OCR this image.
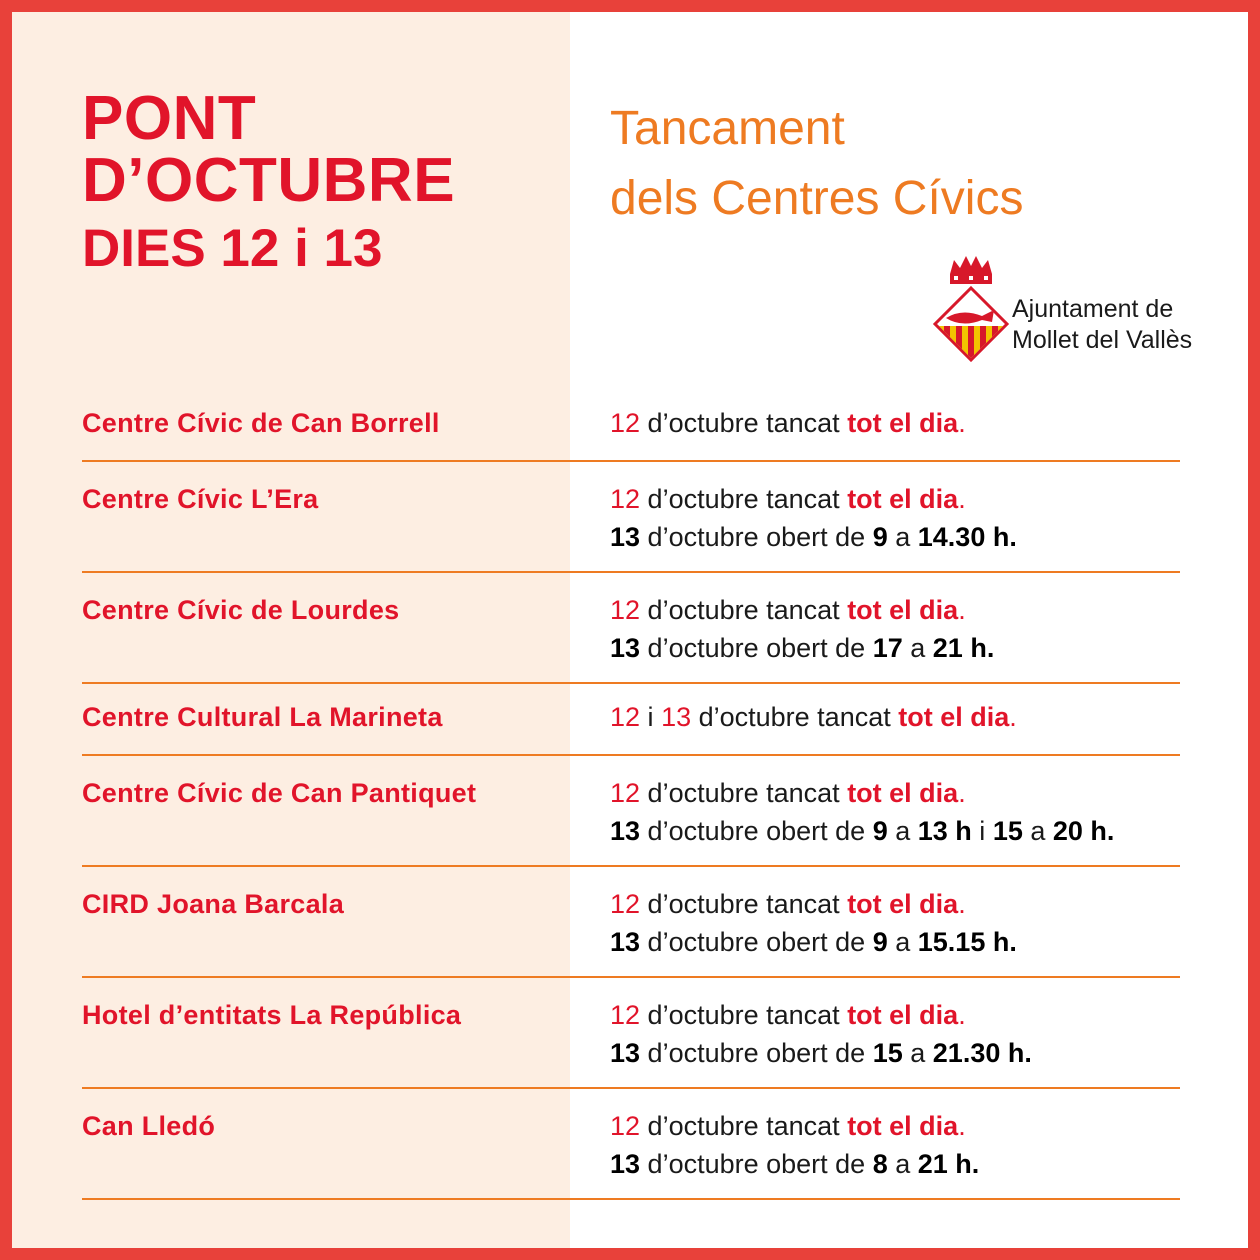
PONT
D’OCTUBRE
DIES 12 i 13
Tancament
dels Centres Cívics
Ajuntament de
Mollet del Vallès
Centre Cívic de Can Borrell	12 d’octubre tancat tot el dia.
Centre Cívic L’Era	12 d’octubre tancat tot el dia.
13 d’octubre obert de 9 a 14.30 h.
Centre Cívic de Lourdes	12 d’octubre tancat tot el dia.
13 d’octubre obert de 17 a 21 h.
Centre Cultural La Marineta	12 i 13 d’octubre tancat tot el dia.
Centre Cívic de Can Pantiquet	12 d’octubre tancat tot el dia.
13 d’octubre obert de 9 a 13 h i 15 a 20 h.
CIRD Joana Barcala	12 d’octubre tancat tot el dia.
13 d’octubre obert de 9 a 15.15 h.
Hotel d’entitats La República	12 d’octubre tancat tot el dia.
13 d’octubre obert de 15 a 21.30 h.
Can Lledó	12 d’octubre tancat tot el dia.
13 d’octubre obert de 8 a 21 h.
